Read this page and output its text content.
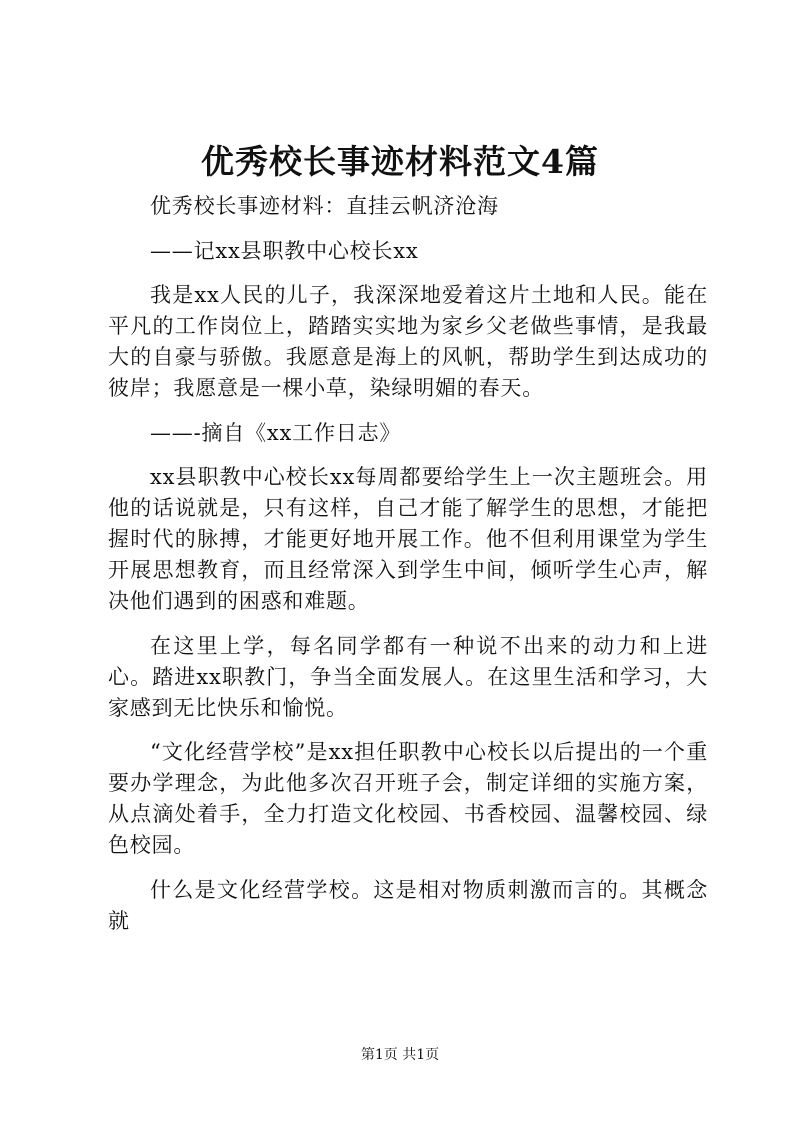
优秀校长事迹材料范文4篇

优秀校长事迹材料：直挂云帆济沧海

——记xx县职教中心校长xx

我是xx人民的儿子，我深深地爱着这片土地和人民。能在平凡的工作岗位上，踏踏实实地为家乡父老做些事情，是我最大的自豪与骄傲。我愿意是海上的风帆，帮助学生到达成功的彼岸；我愿意是一棵小草，染绿明媚的春天。

——-摘自《xx工作日志》

xx县职教中心校长xx每周都要给学生上一次主题班会。用他的话说就是，只有这样，自己才能了解学生的思想，才能把握时代的脉搏，才能更好地开展工作。他不但利用课堂为学生开展思想教育，而且经常深入到学生中间，倾听学生心声，解决他们遇到的困惑和难题。

在这里上学，每名同学都有一种说不出来的动力和上进心。踏进xx职教门，争当全面发展人。在这里生活和学习，大家感到无比快乐和愉悦。

“文化经营学校”是xx担任职教中心校长以后提出的一个重要办学理念，为此他多次召开班子会，制定详细的实施方案，从点滴处着手，全力打造文化校园、书香校园、温馨校园、绿色校园。

什么是文化经营学校。这是相对物质刺激而言的。其概念就

第1页 共1页
